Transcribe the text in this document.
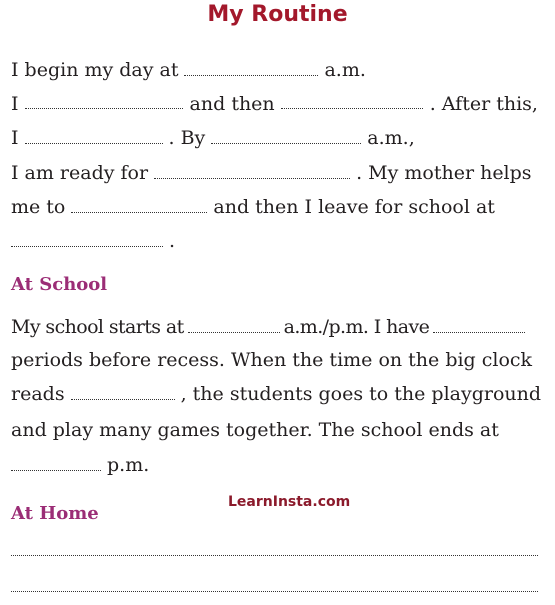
My Routine
I begin my day at	a.m.
I	and then	. After this,
I	. By	a.m.,
I am ready for	. My mother helps
me to	and then I leave for school at
.
At School
My school starts at	a.m./p.m. I have
periods before recess. When the time on the big clock
reads	, the students goes to the playground
and play many games together. The school ends at
p.m.
LearnInsta.com
At Home
